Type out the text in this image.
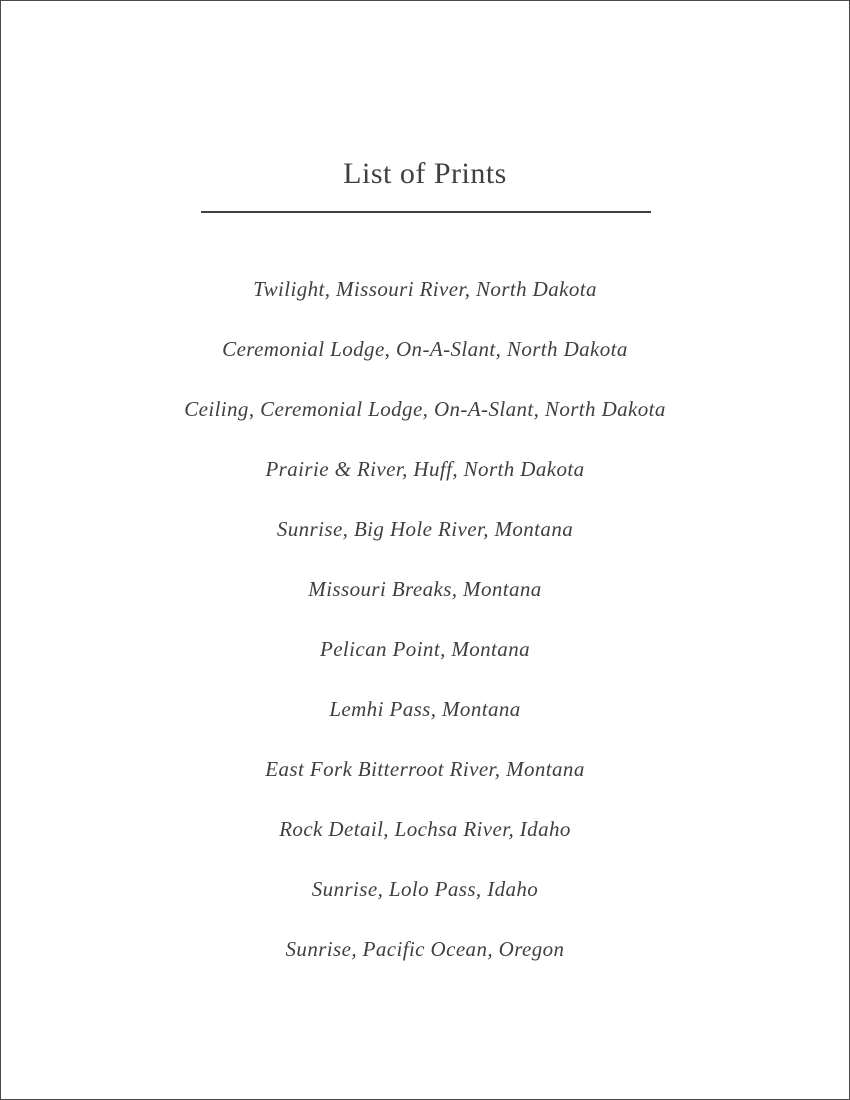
List of Prints
Twilight, Missouri River, North Dakota
Ceremonial Lodge, On-A-Slant, North Dakota
Ceiling, Ceremonial Lodge, On-A-Slant, North Dakota
Prairie & River, Huff, North Dakota
Sunrise, Big Hole River, Montana
Missouri Breaks, Montana
Pelican Point, Montana
Lemhi Pass, Montana
East Fork Bitterroot River, Montana
Rock Detail, Lochsa River, Idaho
Sunrise, Lolo Pass, Idaho
Sunrise, Pacific Ocean, Oregon
